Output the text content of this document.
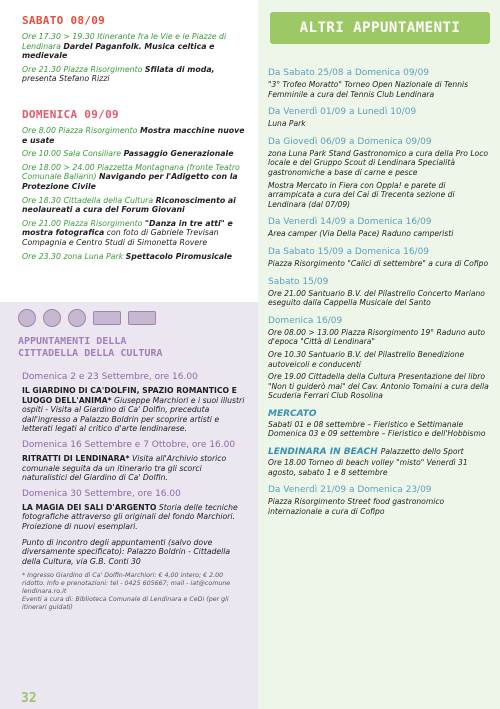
SABATO 08/09
Ore 17.30 > 19.30 Itinerante fra le Vie e le Piazze di Lendinara Dardel Paganfolk. Musica celtica e medievale
Ore 21.30 Piazza Risorgimento Sfilata di moda, presenta Stefano Rizzi
DOMENICA 09/09
Ore 8.00 Piazza Risorgimento Mostra macchine nuove e usate
Ore 10.00 Sala Consiliare Passaggio Generazionale
Ore 18.00 > 24.00 Piazzetta Montagnana (fronte Teatro Comunale Ballarin) Navigando per l'Adigetto con la Protezione Civile
Ore 18.30 Cittadella della Cultura Riconoscimento ai neolaureati a cura del Forum Giovani
Ore 21.00 Piazza Risorgimento "Danza in tre atti" e mostra fotografica con foto di Gabriele Trevisan Compagnia e Centro Studi di Simonetta Rovere
Ore 23.30 zona Luna Park Spettacolo Piromusicale
APPUNTAMENTI DELLA
CITTADELLA DELLA CULTURA
Domenica 2 e 23 Settembre, ore 16.00
IL GIARDINO DI CA'DOLFIN, SPAZIO ROMANTICO E LUOGO DELL'ANIMA* Giuseppe Marchiori e i suoi illustri ospiti - Visita al Giardino di Ca' Dolfin, preceduta dall'ingresso a Palazzo Boldrin per scoprire artisti e letterati legati al critico d'arte lendinarese.
Domenica 16 Settembre e 7 Ottobre, ore 16.00
RITRATTI DI LENDINARA* Visita all'Archivio storico comunale seguita da un itinerario tra gli scorci naturalistici del Giardino di Ca' Dolfin.
Domenica 30 Settembre, ore 16.00
LA MAGIA DEI SALI D'ARGENTO Storia delle tecniche fotografiche attraverso gli originali del fondo Marchiori. Proiezione di nuovi esemplari.
Punto di incontro degli appuntamenti (salvo dove diversamente specificato): Palazzo Boldrin - Cittadella della Cultura, via G.B. Conti 30
* Ingresso Giardino di Ca' Dolfin-Marchiori: € 4,00 intero; € 2.00 ridotto. Info e prenotazioni: tel - 0425 605667; mail - iat@comune lendinara.ro.it
Eventi a cura di: Biblioteca Comunale di Lendinara e CeDi (per gli itinerari guidati)
32
ALTRI APPUNTAMENTI
Da Sabato 25/08 a Domenica 09/09
"3° Trofeo Moratto" Torneo Open Nazionale di Tennis Femminile a cura del Tennis Club Lendinara
Da Venerdì 01/09 a Lunedì 10/09
Luna Park
Da Giovedì 06/09 a Domenica 09/09
zona Luna Park Stand Gastronomico a cura della Pro Loco locale e del Gruppo Scout di Lendinara Specialità gastronomiche a base di carne e pesce
Mostra Mercato in Fiera con Oppla! e parete di arrampicata a cura del Cai di Trecenta sezione di Lendinara (dal 07/09)
Da Venerdì 14/09 a Domenica 16/09
Area camper (Via Della Pace) Raduno camperisti
Da Sabato 15/09 a Domenica 16/09
Piazza Risorgimento "Calici di settembre" a cura di Cofipo
Sabato 15/09
Ore 21.00 Santuario B.V. del Pilastrello Concerto Mariano eseguito dalla Cappella Musicale del Santo
Domenica 16/09
Ore 08.00 > 13.00 Piazza Risorgimento 19° Raduno auto d'epoca "Città di Lendinara"
Ore 10.30 Santuario B.V. del Pilastrello Benedizione autoveicoli e conducenti
Ore 19.00 Cittadella della Cultura Presentazione del libro "Non ti guiderò mai" del Cav. Antonio Tomaini a cura della Scuderia Ferrari Club Rosolina
MERCATO
Sabati 01 e 08 settembre – Fieristico e Settimanale Domenica 03 e 09 settembre – Fieristico e dell'Hobbismo
LENDINARA IN BEACH Palazzetto dello Sport
Ore 18.00 Torneo di beach volley "misto" Venerdì 31 agosto, sabato 1 e 8 settembre
Da Venerdì 21/09 a Domenica 23/09
Piazza Risorgimento Street food gastronomico internazionale a cura di Cofipo
